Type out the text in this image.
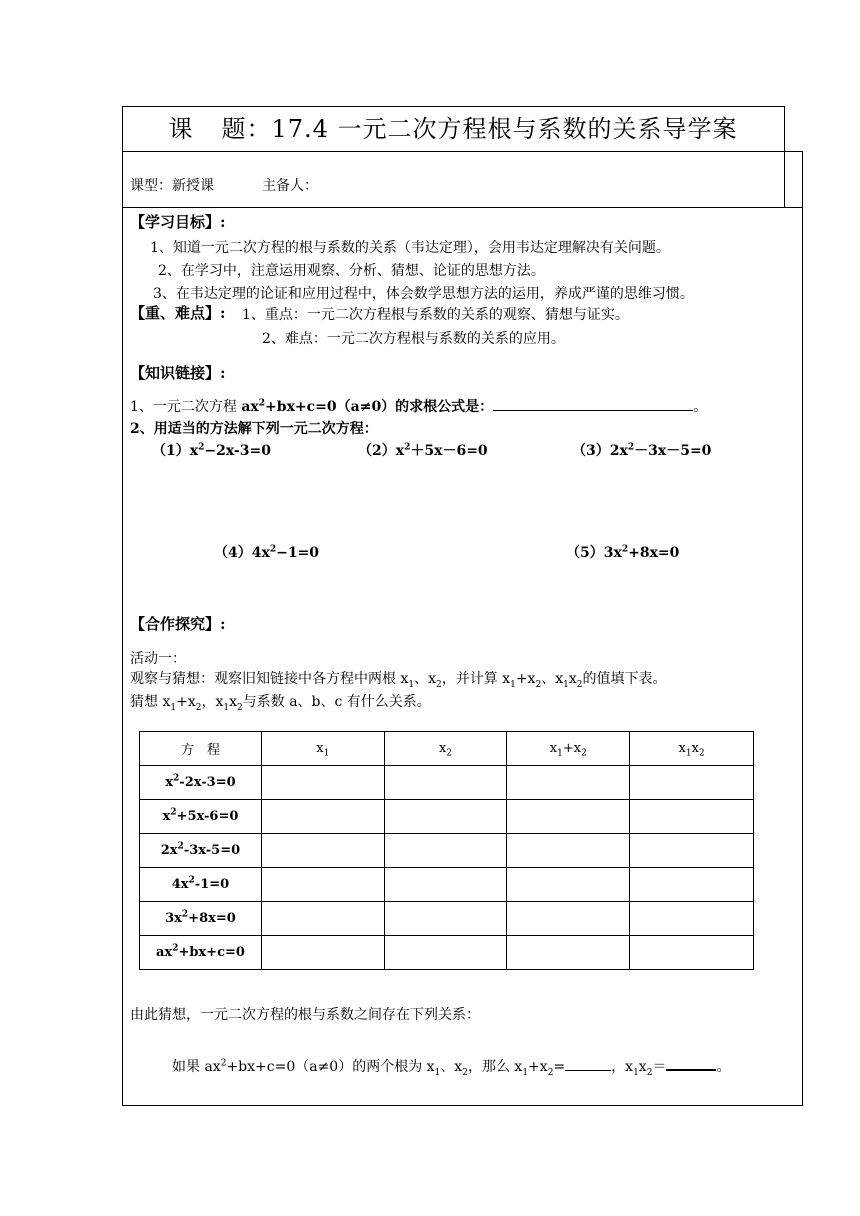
课 题：17.4 一元二次方程根与系数的关系导学案
课型：新授课	主备人：
【学习目标】:
1、知道一元二次方程的根与系数的关系（韦达定理），会用韦达定理解决有关问题。
2、在学习中，注意运用观察、分析、猜想、论证的思想方法。
3、在韦达定理的论证和应用过程中，体会数学思想方法的运用，养成严谨的思维习惯。
【重、难点】: 1、重点：一元二次方程根与系数的关系的观察、猜想与证实。
2、难点：一元二次方程根与系数的关系的应用。
【知识链接】:
1、一元二次方程 $ax^2+bx+c=0(a\ne 0)$的求根公式是：	。
2、用适当的方法解下列一元二次方程：
$(1)x^2-2x-3=0$	$(2)x^2+5x-6=0$	$(3)2x^2-3x-5=0$
$(4)4x^2-1=0$	$(5)3x^2+8x=0$
【合作探究】:
活动一：
观察与猜想：观察旧知链接中各方程中两根 $x_1$、$x_2$，并计算 $x_1+x_2$、$x_1x_2$的值填下表。
猜想 $x_1+x_2$，$x_1x_2$与系数 a、b、c 有什么关系。
方　程	$x_1$	$x_2$	$x_1+x_2$	$x_1x_2$
$x^2-2x-3=0$				
$x^2+5x-6=0$				
$2x^2-3x-5=0$				
$4x^2-1=0$				
$3x^2+8x=0$				
$ax^2+bx+c=0$				
由此猜想，一元二次方程的根与系数之间存在下列关系：
如果 $ax^2+bx+c=0(a\ne 0)$的两个根为 $x_1$、$x_2$，那么 $x_1+x_2=$	，$x_1x_2=$	。
